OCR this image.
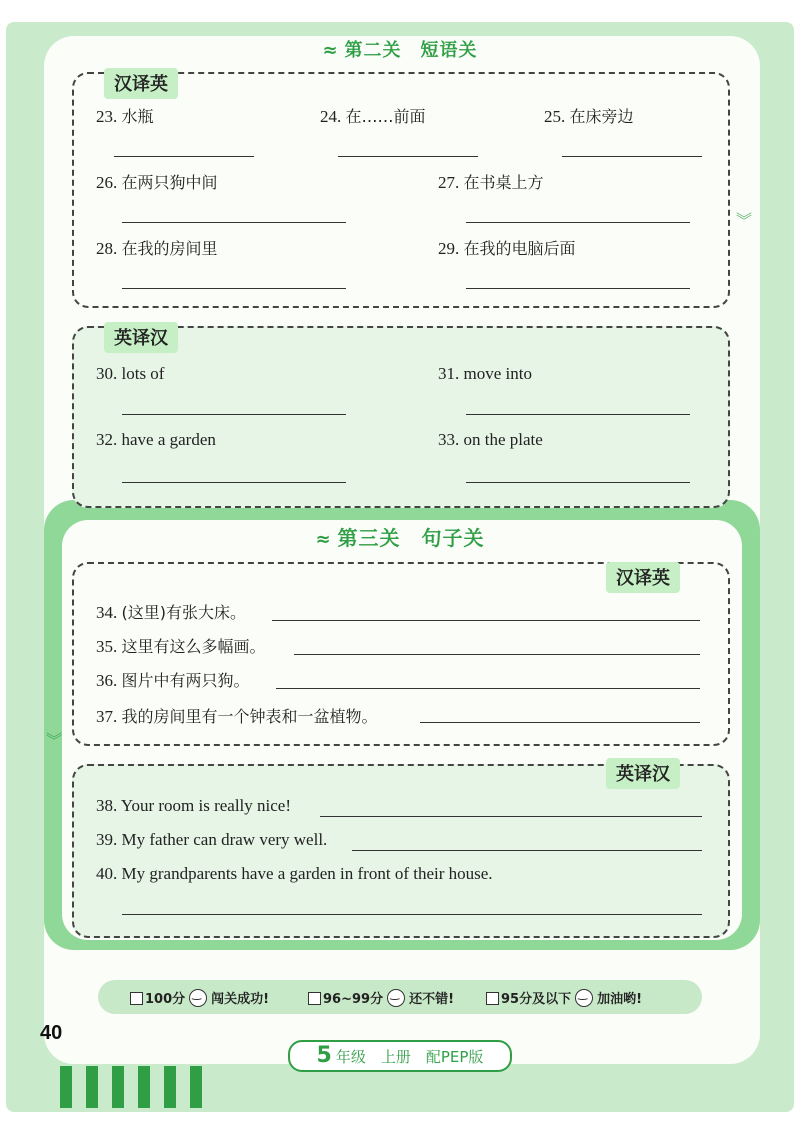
≈ 第二关　短语关
汉译英
23. 水瓶	24. 在……前面	25. 在床旁边
26. 在两只狗中间	27. 在书桌上方
28. 在我的房间里	29. 在我的电脑后面
英译汉
30. lots of	31. move into
32. have a garden	33. on the plate
≈ 第三关　句子关
汉译英
34. (这里)有张大床。
35. 这里有这么多幅画。
36. 图片中有两只狗。
37. 我的房间里有一个钟表和一盆植物。
英译汉
38. Your room is really nice!
39. My father can draw very well.
40. My grandparents have a garden in front of their house.
︾
︾
100分 ‿ 闯关成功!	96~99分 ‿ 还不错!	95分及以下 ‿ 加油哟!
40
5 年级　上册　配PEP版
